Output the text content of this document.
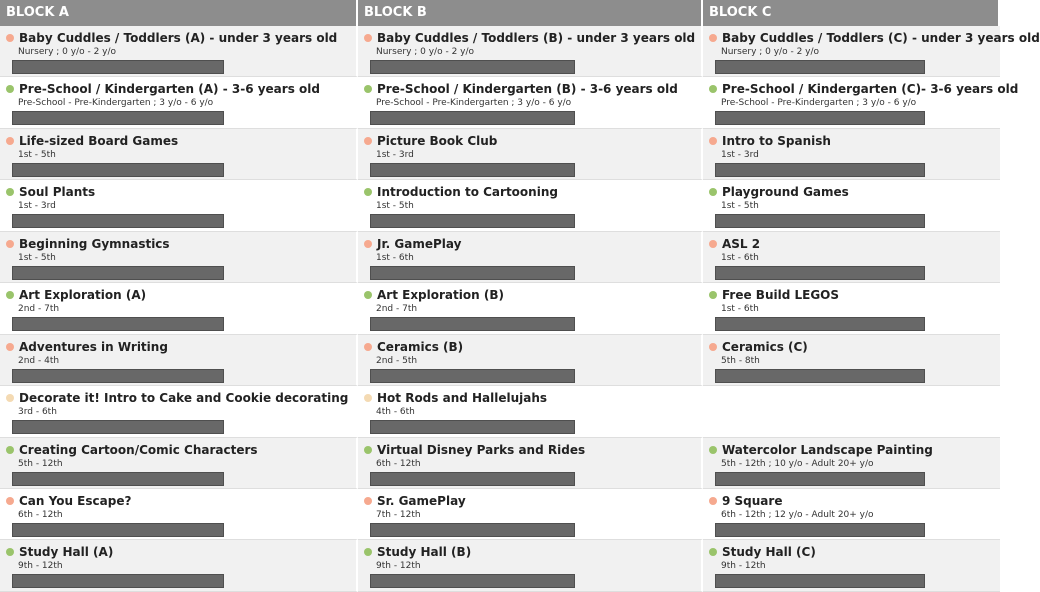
BLOCK A	BLOCK B	BLOCK C
Baby Cuddles / Toddlers (A) - under 3 years old
Nursery ; 0 y/o - 2 y/o
Baby Cuddles / Toddlers (B) - under 3 years old
Nursery ; 0 y/o - 2 y/o
Baby Cuddles / Toddlers (C) - under 3 years old
Nursery ; 0 y/o - 2 y/o
Pre-School / Kindergarten (A) - 3-6 years old
Pre-School - Pre-Kindergarten ; 3 y/o - 6 y/o
Pre-School / Kindergarten (B) - 3-6 years old
Pre-School - Pre-Kindergarten ; 3 y/o - 6 y/o
Pre-School / Kindergarten (C)- 3-6 years old
Pre-School - Pre-Kindergarten ; 3 y/o - 6 y/o
Life-sized Board Games
1st - 5th
Picture Book Club
1st - 3rd
Intro to Spanish
1st - 3rd
Soul Plants
1st - 3rd
Introduction to Cartooning
1st - 5th
Playground Games
1st - 5th
Beginning Gymnastics
1st - 5th
Jr. GamePlay
1st - 6th
ASL 2
1st - 6th
Art Exploration (A)
2nd - 7th
Art Exploration (B)
2nd - 7th
Free Build LEGOS
1st - 6th
Adventures in Writing
2nd - 4th
Ceramics (B)
2nd - 5th
Ceramics (C)
5th - 8th
Decorate it! Intro to Cake and Cookie decorating
3rd - 6th
Hot Rods and Hallelujahs
4th - 6th
Creating Cartoon/Comic Characters
5th - 12th
Virtual Disney Parks and Rides
6th - 12th
Watercolor Landscape Painting
5th - 12th ; 10 y/o - Adult 20+ y/o
Can You Escape?
6th - 12th
Sr. GamePlay
7th - 12th
9 Square
6th - 12th ; 12 y/o - Adult 20+ y/o
Study Hall (A)
9th - 12th
Study Hall (B)
9th - 12th
Study Hall (C)
9th - 12th
